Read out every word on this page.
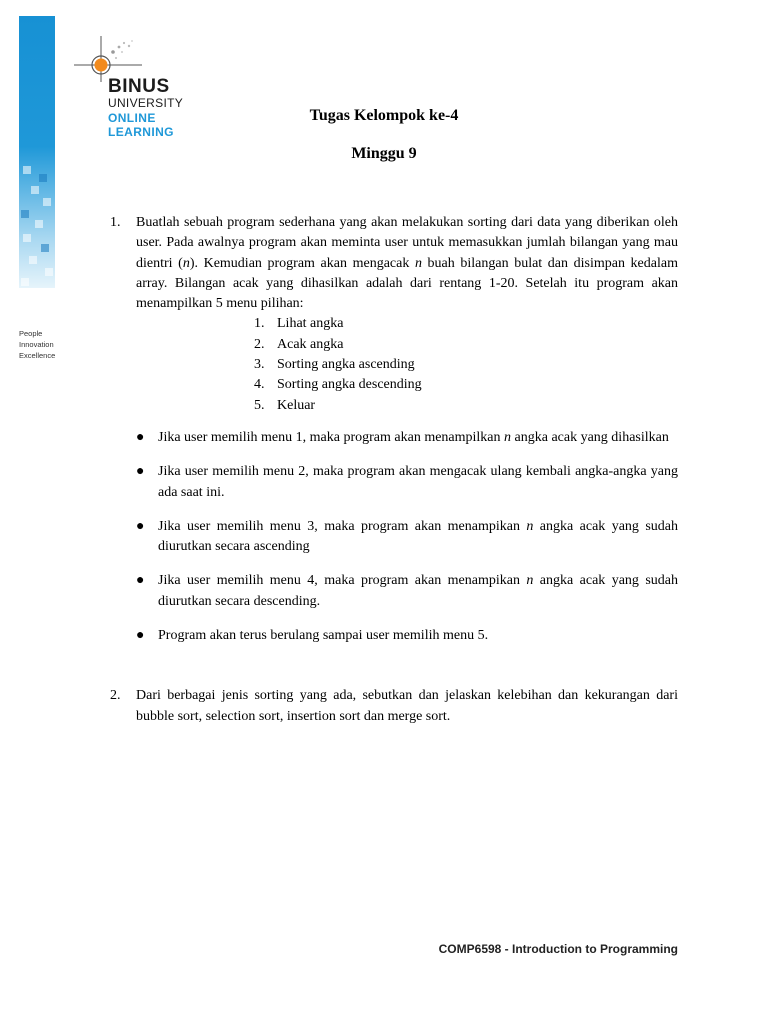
BINUS
UNIVERSITY
ONLINE
LEARNING
People
Innovation
Excellence
Tugas Kelompok ke-4
Minggu 9
1. Buatlah sebuah program sederhana yang akan melakukan sorting dari data yang diberikan oleh user. Pada awalnya program akan meminta user untuk memasukkan jumlah bilangan yang mau dientri (n). Kemudian program akan mengacak n buah bilangan bulat dan disimpan kedalam array. Bilangan acak yang dihasilkan adalah dari rentang 1-20. Setelah itu program akan menampilkan 5 menu pilihan:
1. Lihat angka
2. Acak angka
3. Sorting angka ascending
4. Sorting angka descending
5. Keluar
● Jika user memilih menu 1, maka program akan menampilkan n angka acak yang dihasilkan
● Jika user memilih menu 2, maka program akan mengacak ulang kembali angka-angka yang ada saat ini.
● Jika user memilih menu 3, maka program akan menampikan n angka acak yang sudah diurutkan secara ascending
● Jika user memilih menu 4, maka program akan menampikan n angka acak yang sudah diurutkan secara descending.
● Program akan terus berulang sampai user memilih menu 5.
2. Dari berbagai jenis sorting yang ada, sebutkan dan jelaskan kelebihan dan kekurangan dari bubble sort, selection sort, insertion sort dan merge sort.
COMP6598 - Introduction to Programming
